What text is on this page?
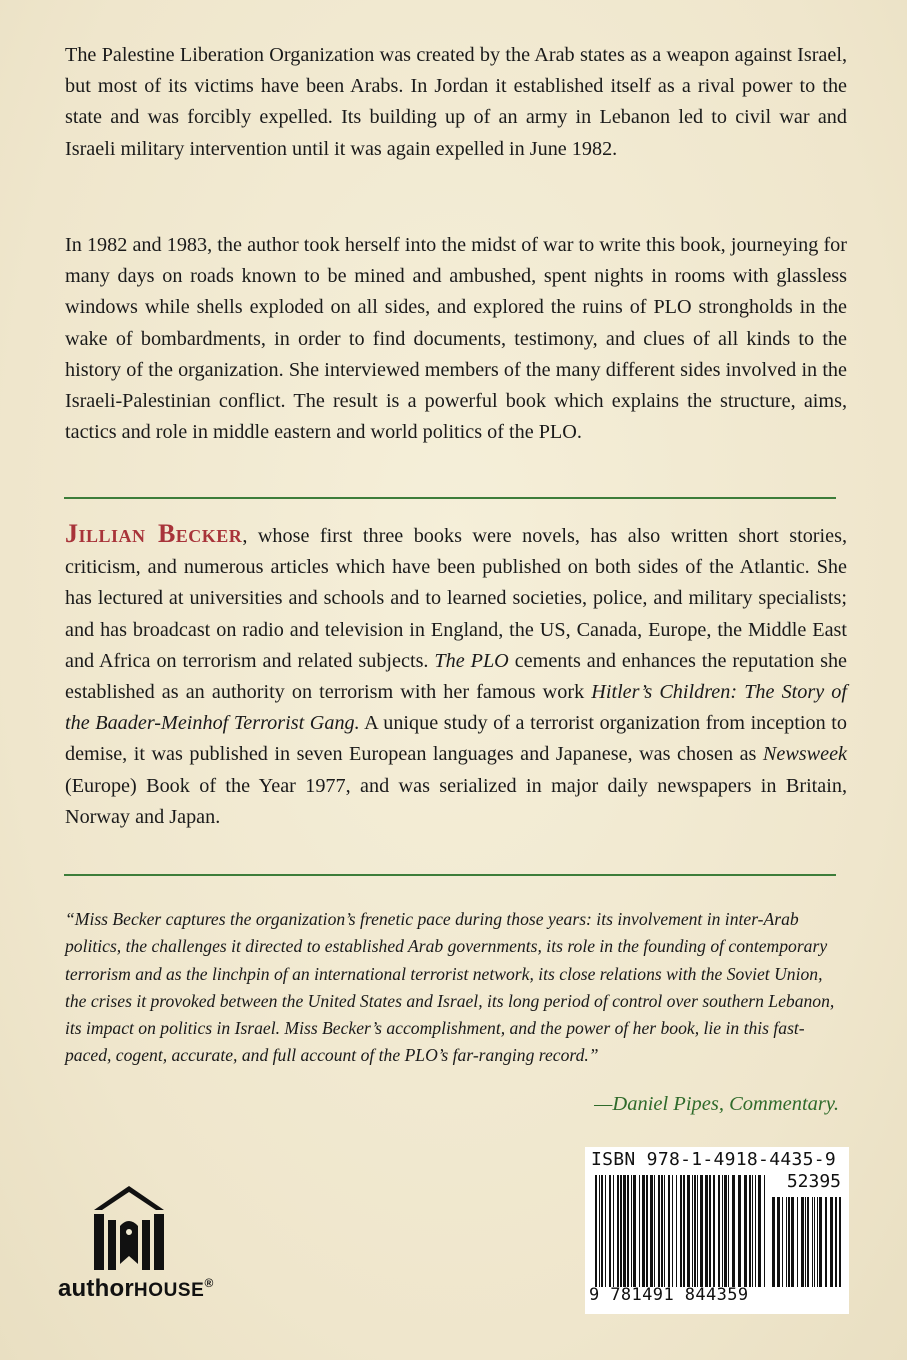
The Palestine Liberation Organization was created by the Arab states as a weapon against Israel, but most of its victims have been Arabs. In Jordan it established itself as a rival power to the state and was forcibly expelled. Its building up of an army in Lebanon led to civil war and Israeli military intervention until it was again expelled in June 1982.

In 1982 and 1983, the author took herself into the midst of war to write this book, journeying for many days on roads known to be mined and ambushed, spent nights in rooms with glassless windows while shells exploded on all sides, and explored the ruins of PLO strongholds in the wake of bombardments, in order to find documents, testimony, and clues of all kinds to the history of the organization. She interviewed members of the many different sides involved in the Israeli-Palestinian conflict. The result is a powerful book which explains the structure, aims, tactics and role in middle eastern and world politics of the PLO.

Jillian Becker, whose first three books were novels, has also written short stories, criticism, and numerous articles which have been published on both sides of the Atlantic. She has lectured at universities and schools and to learned societies, police, and military specialists; and has broadcast on radio and television in England, the US, Canada, Europe, the Middle East and Africa on terrorism and related subjects. The PLO cements and enhances the reputation she established as an authority on terrorism with her famous work Hitler’s Children: The Story of the Baader-Meinhof Terrorist Gang. A unique study of a terrorist organization from inception to demise, it was published in seven European languages and Japanese, was chosen as Newsweek (Europe) Book of the Year 1977, and was serialized in major daily newspapers in Britain, Norway and Japan.

“Miss Becker captures the organization’s frenetic pace during those years: its involvement in inter-Arab politics, the challenges it directed to established Arab governments, its role in the founding of contemporary terrorism and as the linchpin of an international terrorist network, its close relations with the Soviet Union, the crises it provoked between the United States and Israel, its long period of control over southern Lebanon, its impact on politics in Israel. Miss Becker’s accomplishment, and the power of her book, lie in this fast-paced, cogent, accurate, and full account of the PLO’s far-ranging record.”

—Daniel Pipes, Commentary.

authorHOUSE®
ISBN 978-1-4918-4435-9
52395
9 781491 844359
